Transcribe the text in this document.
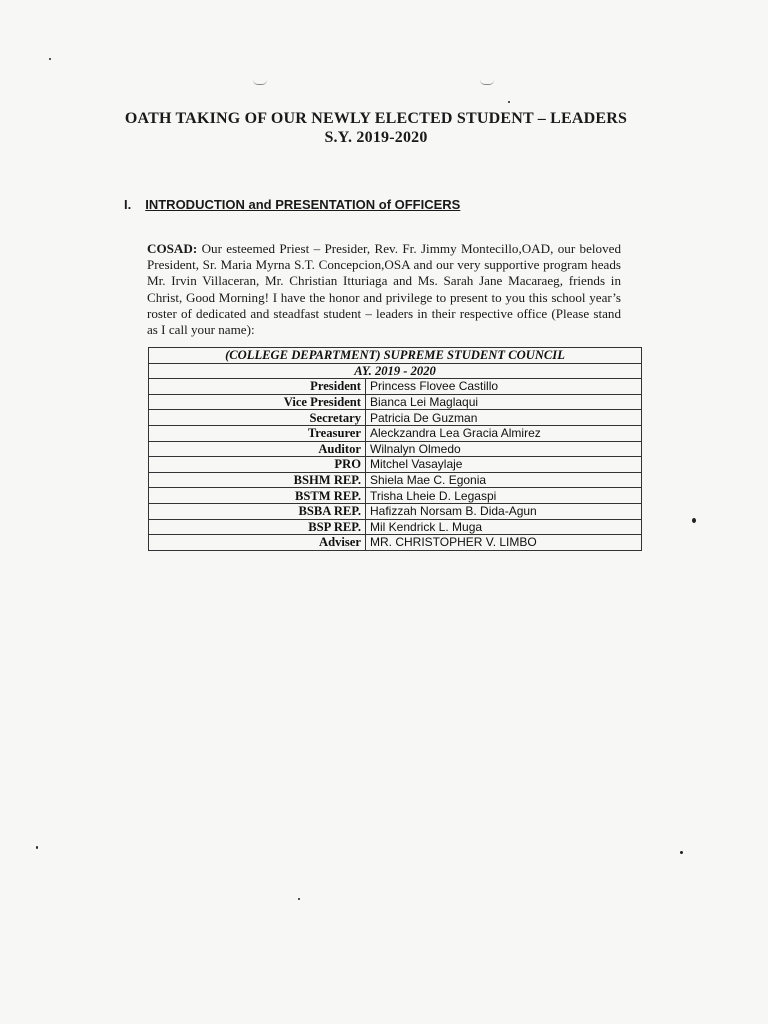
OATH TAKING OF OUR NEWLY ELECTED STUDENT – LEADERS
S.Y. 2019-2020
I. INTRODUCTION and PRESENTATION of OFFICERS
COSAD: Our esteemed Priest – Presider, Rev. Fr. Jimmy Montecillo,OAD, our beloved President, Sr. Maria Myrna S.T. Concepcion,OSA and our very supportive program heads Mr. Irvin Villaceran, Mr. Christian Itturiaga and Ms. Sarah Jane Macaraeg, friends in Christ, Good Morning! I have the honor and privilege to present to you this school year’s roster of dedicated and steadfast student – leaders in their respective office (Please stand as I call your name):
(COLLEGE DEPARTMENT) SUPREME STUDENT COUNCIL	
AY. 2019 - 2020	
President	Princess Flovee Castillo
Vice President	Bianca Lei Maglaqui
Secretary	Patricia De Guzman
Treasurer	Aleckzandra Lea Gracia Almirez
Auditor	Wilnalyn Olmedo
PRO	Mitchel Vasaylaje
BSHM REP.	Shiela Mae C. Egonia
BSTM REP.	Trisha Lheie D. Legaspi
BSBA REP.	Hafizzah Norsam B. Dida-Agun
BSP REP.	Mil Kendrick L. Muga
Adviser	MR. CHRISTOPHER V. LIMBO
